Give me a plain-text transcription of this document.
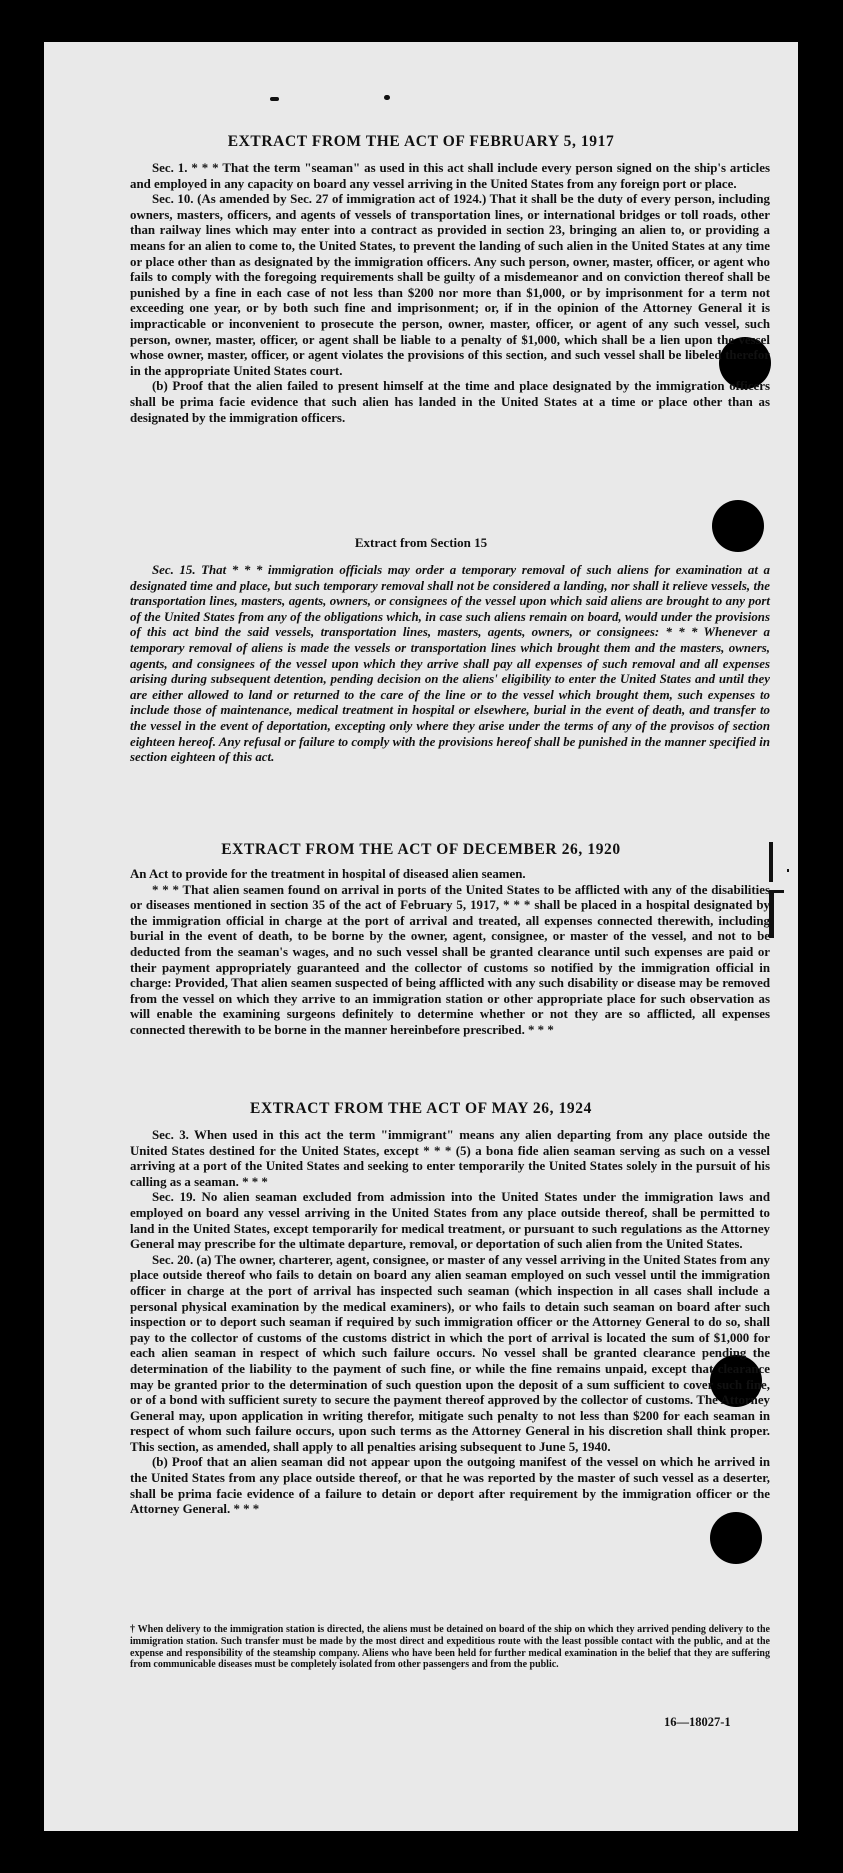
EXTRACT FROM THE ACT OF FEBRUARY 5, 1917

Sec. 1. * * * That the term "seaman" as used in this act shall include every person signed on the ship's articles and employed in any capacity on board any vessel arriving in the United States from any foreign port or place.

Sec. 10. (As amended by Sec. 27 of immigration act of 1924.) That it shall be the duty of every person, including owners, masters, officers, and agents of vessels of transportation lines, or international bridges or toll roads, other than railway lines which may enter into a contract as provided in section 23, bringing an alien to, or providing a means for an alien to come to, the United States, to prevent the landing of such alien in the United States at any time or place other than as designated by the immigration officers. Any such person, owner, master, officer, or agent who fails to comply with the foregoing requirements shall be guilty of a misdemeanor and on conviction thereof shall be punished by a fine in each case of not less than $200 nor more than $1,000, or by imprisonment for a term not exceeding one year, or by both such fine and imprisonment; or, if in the opinion of the Attorney General it is impracticable or inconvenient to prosecute the person, owner, master, officer, or agent of any such vessel, such person, owner, master, officer, or agent shall be liable to a penalty of $1,000, which shall be a lien upon the vessel whose owner, master, officer, or agent violates the provisions of this section, and such vessel shall be libeled therefor in the appropriate United States court.

(b) Proof that the alien failed to present himself at the time and place designated by the immigration officers shall be prima facie evidence that such alien has landed in the United States at a time or place other than as designated by the immigration officers.

Extract from Section 15

Sec. 15. That * * * immigration officials may order a temporary removal of such aliens for examination at a designated time and place, but such temporary removal shall not be considered a landing, nor shall it relieve vessels, the transportation lines, masters, agents, owners, or consignees of the vessel upon which said aliens are brought to any port of the United States from any of the obligations which, in case such aliens remain on board, would under the provisions of this act bind the said vessels, transportation lines, masters, agents, owners, or consignees: * * * Whenever a temporary removal of aliens is made the vessels or transportation lines which brought them and the masters, owners, agents, and consignees of the vessel upon which they arrive shall pay all expenses of such removal and all expenses arising during subsequent detention, pending decision on the aliens' eligibility to enter the United States and until they are either allowed to land or returned to the care of the line or to the vessel which brought them, such expenses to include those of maintenance, medical treatment in hospital or elsewhere, burial in the event of death, and transfer to the vessel in the event of deportation, excepting only where they arise under the terms of any of the provisos of section eighteen hereof. Any refusal or failure to comply with the provisions hereof shall be punished in the manner specified in section eighteen of this act.

EXTRACT FROM THE ACT OF DECEMBER 26, 1920

An Act to provide for the treatment in hospital of diseased alien seamen.

* * * That alien seamen found on arrival in ports of the United States to be afflicted with any of the disabilities or diseases mentioned in section 35 of the act of February 5, 1917, * * * shall be placed in a hospital designated by the immigration official in charge at the port of arrival and treated, all expenses connected therewith, including burial in the event of death, to be borne by the owner, agent, consignee, or master of the vessel, and not to be deducted from the seaman's wages, and no such vessel shall be granted clearance until such expenses are paid or their payment appropriately guaranteed and the collector of customs so notified by the immigration official in charge: Provided, That alien seamen suspected of being afflicted with any such disability or disease may be removed from the vessel on which they arrive to an immigration station or other appropriate place for such observation as will enable the examining surgeons definitely to determine whether or not they are so afflicted, all expenses connected therewith to be borne in the manner hereinbefore prescribed. * * *

EXTRACT FROM THE ACT OF MAY 26, 1924

Sec. 3. When used in this act the term "immigrant" means any alien departing from any place outside the United States destined for the United States, except * * * (5) a bona fide alien seaman serving as such on a vessel arriving at a port of the United States and seeking to enter temporarily the United States solely in the pursuit of his calling as a seaman. * * *

Sec. 19. No alien seaman excluded from admission into the United States under the immigration laws and employed on board any vessel arriving in the United States from any place outside thereof, shall be permitted to land in the United States, except temporarily for medical treatment, or pursuant to such regulations as the Attorney General may prescribe for the ultimate departure, removal, or deportation of such alien from the United States.

Sec. 20. (a) The owner, charterer, agent, consignee, or master of any vessel arriving in the United States from any place outside thereof who fails to detain on board any alien seaman employed on such vessel until the immigration officer in charge at the port of arrival has inspected such seaman (which inspection in all cases shall include a personal physical examination by the medical examiners), or who fails to detain such seaman on board after such inspection or to deport such seaman if required by such immigration officer or the Attorney General to do so, shall pay to the collector of customs of the customs district in which the port of arrival is located the sum of $1,000 for each alien seaman in respect of which such failure occurs. No vessel shall be granted clearance pending the determination of the liability to the payment of such fine, or while the fine remains unpaid, except that clearance may be granted prior to the determination of such question upon the deposit of a sum sufficient to cover such fine, or of a bond with sufficient surety to secure the payment thereof approved by the collector of customs. The Attorney General may, upon application in writing therefor, mitigate such penalty to not less than $200 for each seaman in respect of whom such failure occurs, upon such terms as the Attorney General in his discretion shall think proper. This section, as amended, shall apply to all penalties arising subsequent to June 5, 1940.

(b) Proof that an alien seaman did not appear upon the outgoing manifest of the vessel on which he arrived in the United States from any place outside thereof, or that he was reported by the master of such vessel as a deserter, shall be prima facie evidence of a failure to detain or deport after requirement by the immigration officer or the Attorney General. * * *

† When delivery to the immigration station is directed, the aliens must be detained on board of the ship on which they arrived pending delivery to the immigration station. Such transfer must be made by the most direct and expeditious route with the least possible contact with the public, and at the expense and responsibility of the steamship company. Aliens who have been held for further medical examination in the belief that they are suffering from communicable diseases must be completely isolated from other passengers and from the public.
16—18027-1
